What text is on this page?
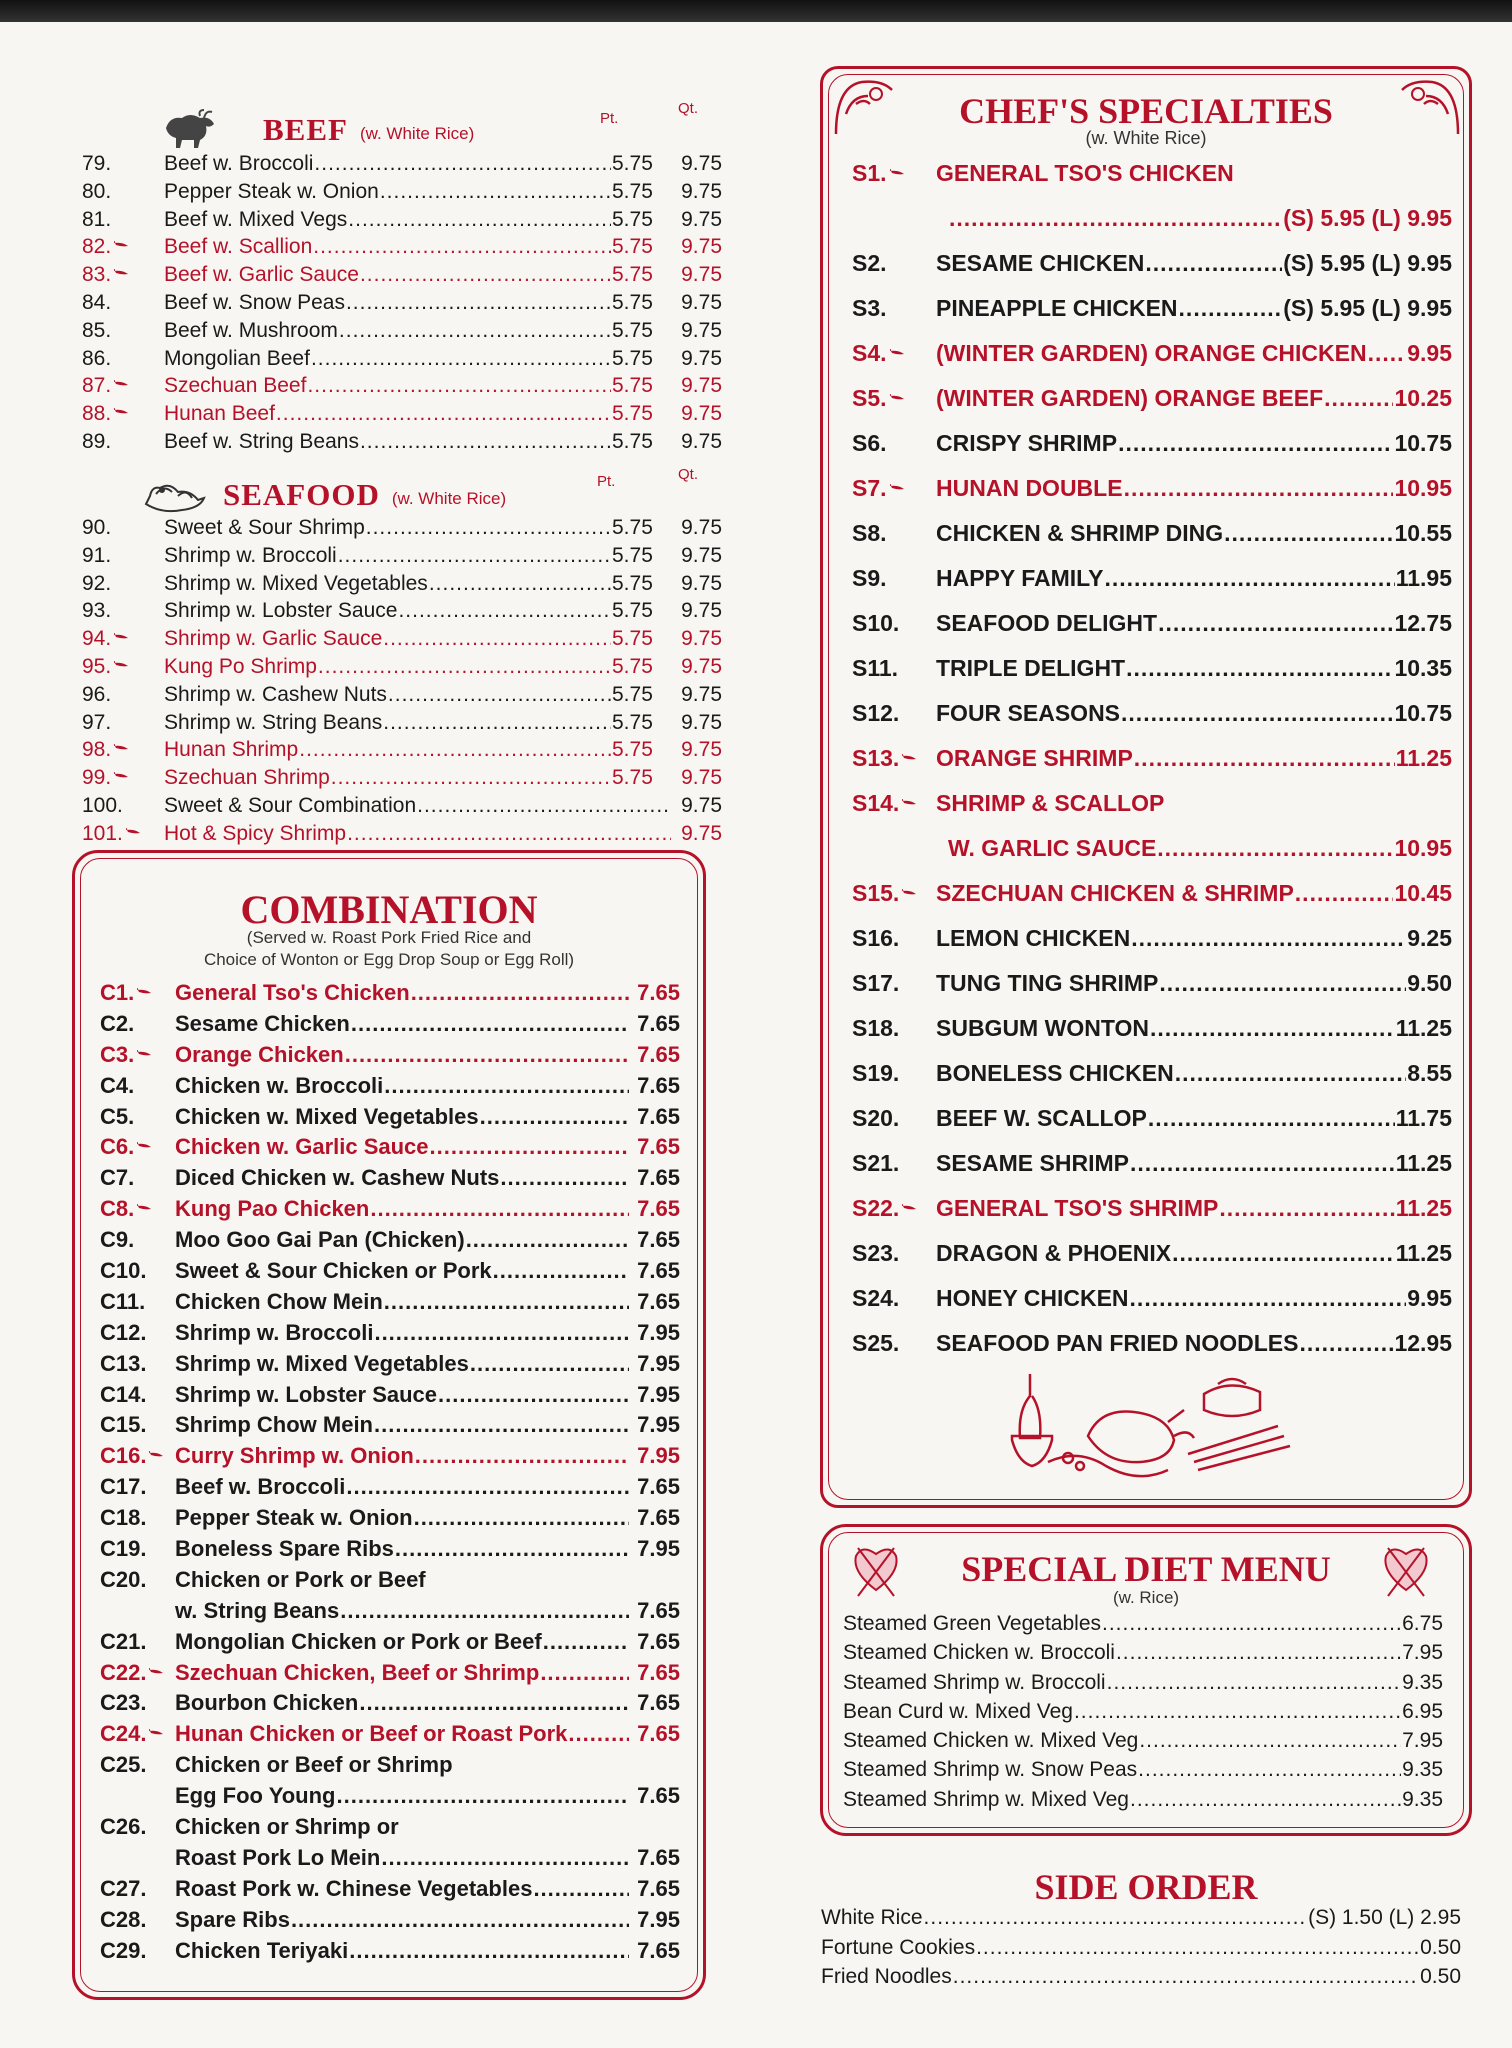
BEEF (w. White Rice)
Pt.
Qt.
79.	Beef w. Broccoli .....	5.75	9.75
80.	Pepper Steak w. Onion .....	5.75	9.75
81.	Beef w. Mixed Vegs .....	5.75	9.75
82.	Beef w. Scallion .....	5.75	9.75
83.	Beef w. Garlic Sauce .....	5.75	9.75
84.	Beef w. Snow Peas .....	5.75	9.75
85.	Beef w. Mushroom .....	5.75	9.75
86.	Mongolian Beef .....	5.75	9.75
87.	Szechuan Beef .....	5.75	9.75
88.	Hunan Beef .....	5.75	9.75
89.	Beef w. String Beans .....	5.75	9.75
SEAFOOD (w. White Rice)
Pt.	Qt.
90.	Sweet & Sour Shrimp .....	5.75	9.75
91.	Shrimp w. Broccoli .....	5.75	9.75
92.	Shrimp w. Mixed Vegetables .....	5.75	9.75
93.	Shrimp w. Lobster Sauce .....	5.75	9.75
94.	Shrimp w. Garlic Sauce .....	5.75	9.75
95.	Kung Po Shrimp .....	5.75	9.75
96.	Shrimp w. Cashew Nuts .....	5.75	9.75
97.	Shrimp w. String Beans .....	5.75	9.75
98.	Hunan Shrimp .....	5.75	9.75
99.	Szechuan Shrimp .....	5.75	9.75
100.	Sweet & Sour Combination .....	9.75
101.	Hot & Spicy Shrimp .....	9.75
COMBINATION
(Served w. Roast Pork Fried Rice and
Choice of Wonton or Egg Drop Soup or Egg Roll)
C1.	General Tso's Chicken .....	7.65
C2.	Sesame Chicken .....	7.65
C3.	Orange Chicken .....	7.65
C4.	Chicken w. Broccoli .....	7.65
C5.	Chicken w. Mixed Vegetables .....	7.65
C6.	Chicken w. Garlic Sauce .....	7.65
C7.	Diced Chicken w. Cashew Nuts .....	7.65
C8.	Kung Pao Chicken .....	7.65
C9.	Moo Goo Gai Pan (Chicken) .....	7.65
C10.	Sweet & Sour Chicken or Pork .....	7.65
C11.	Chicken Chow Mein .....	7.65
C12.	Shrimp w. Broccoli .....	7.95
C13.	Shrimp w. Mixed Vegetables .....	7.95
C14.	Shrimp w. Lobster Sauce .....	7.95
C15.	Shrimp Chow Mein .....	7.95
C16.	Curry Shrimp w. Onion .....	7.95
C17.	Beef w. Broccoli .....	7.65
C18.	Pepper Steak w. Onion .....	7.65
C19.	Boneless Spare Ribs .....	7.95
C20.	Chicken or Pork or Beef
w. String Beans .....	7.65
C21.	Mongolian Chicken or Pork or Beef .....	7.65
C22.	Szechuan Chicken, Beef or Shrimp .....	7.65
C23.	Bourbon Chicken .....	7.65
C24.	Hunan Chicken or Beef or Roast Pork .....	7.65
C25.	Chicken or Beef or Shrimp
Egg Foo Young .....	7.65
C26.	Chicken or Shrimp or
Roast Pork Lo Mein .....	7.65
C27.	Roast Pork w. Chinese Vegetables .....	7.65
C28.	Spare Ribs .....	7.95
C29.	Chicken Teriyaki .....	7.65
CHEF'S SPECIALTIES
(w. White Rice)
S1.	GENERAL TSO'S CHICKEN
.....
(S) 5.95 (L) 9.95
S2.	SESAME CHICKEN .....	(S) 5.95 (L) 9.95
S3.	PINEAPPLE CHICKEN .....	(S) 5.95 (L) 9.95
S4.	(WINTER GARDEN) ORANGE CHICKEN ..... 9.95
S5.	(WINTER GARDEN) ORANGE BEEF .....	10.25
S6.	CRISPY SHRIMP .....	10.75
S7.	HUNAN DOUBLE .....	10.95
S8.	CHICKEN & SHRIMP DING .....	10.55
S9.	HAPPY FAMILY .....	11.95
S10.	SEAFOOD DELIGHT .....	12.75
S11.	TRIPLE DELIGHT .....	10.35
S12.	FOUR SEASONS .....	10.75
S13.	ORANGE SHRIMP .....	11.25
S14.	SHRIMP & SCALLOP
W. GARLIC SAUCE .....	10.95
S15.	SZECHUAN CHICKEN & SHRIMP .....	10.45
S16.	LEMON CHICKEN .....	9.25
S17.	TUNG TING SHRIMP .....	9.50
S18.	SUBGUM WONTON .....	11.25
S19.	BONELESS CHICKEN .....	8.55
S20.	BEEF W. SCALLOP .....	11.75
S21.	SESAME SHRIMP .....	11.25
S22.	GENERAL TSO'S SHRIMP .....	11.25
S23.	DRAGON & PHOENIX .....	11.25
S24.	HONEY CHICKEN .....	9.95
S25.	SEAFOOD PAN FRIED NOODLES .....	12.95
SPECIAL DIET MENU
(w. Rice)
Steamed Green Vegetables .....	6.75
Steamed Chicken w. Broccoli .....	7.95
Steamed Shrimp w. Broccoli .....	9.35
Bean Curd w. Mixed Veg .....	6.95
Steamed Chicken w. Mixed Veg .....	7.95
Steamed Shrimp w. Snow Peas .....	9.35
Steamed Shrimp w. Mixed Veg .....	9.35
SIDE ORDER
White Rice .....	(S) 1.50 (L) 2.95
Fortune Cookies .....	0.50
Fried Noodles .....	0.50
